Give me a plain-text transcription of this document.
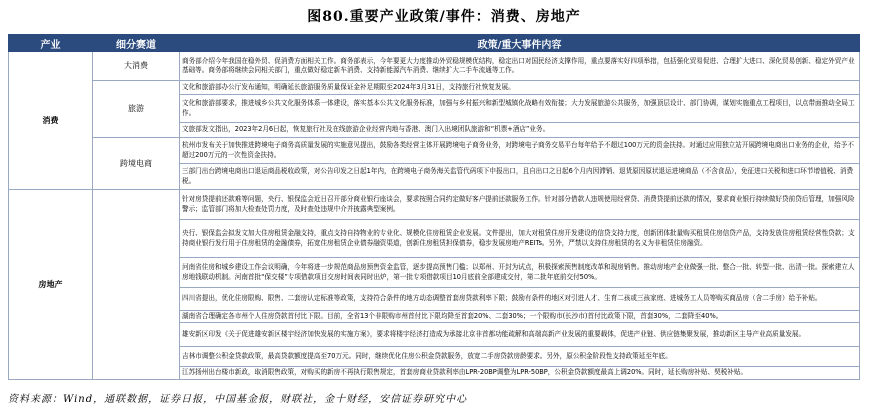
图80.重要产业政策/事件：消费、房地产
产业	细分赛道	政策/重大事件内容
消费	大消费	商务部介绍今年我国在稳外贸、促消费方面相关工作。商务部表示，今年要更大力度推动外贸稳规模优结构，稳定出口对国民经济支撑作用，重点要落实好四项举措，包括强化贸易促进、合理扩大进口、深化贸易创新、稳定外贸产业基础等。商务部将继续会同相关部门，重点做好稳定新车消费、支持新能源汽车消费、继续扩大二手车流通等工作。
	旅游	文化和旅游部办公厅发布通知，明确延长旅游服务质量保证金补足期限至2024年3月31日，支持旅行社恢复发展。
		文化和旅游部要求，推进城乡公共文化服务体系一体建设，落实基本公共文化服务标准，加强与乡村振兴和新型城镇化战略有效衔接；大力发展旅游公共服务，加强顶层设计、部门协调，谋划实施重点工程项目，以点带面推动全局工作。
		文旅部发文指出，2023年2月6日起，恢复旅行社及在线旅游企业经营内地与香港、澳门入出境团队旅游和“机票+酒店”业务。
	跨境电商	杭州市发布关于加快推进跨境电子商务高质量发展的实施意见提出，鼓励各类经营主体开展跨境电子商务业务，对跨境电子商务交易平台每年给予不超过100万元的资金扶持。对通过应用独立站开展跨境电商出口业务的企业，给予不超过200万元的一次性资金扶持。
		三部门出台跨境电商出口退运商品税收政策，对公告印发之日起1年内，在跨境电子商务海关监管代码项下申报出口，且自出口之日起6个月内因滞销、退货原因原状退运进境商品（不含食品），免征进口关税和进口环节增值税、消费税。
房地产		针对房贷提前还款难等问题，央行、银保监会近日召开部分商业银行座谈会，要求按照合同约定做好客户提前还款服务工作。针对部分借款人违规使用经营贷、消费贷提前还款的情况，要求商业银行持续做好贷前贷后管理，加强风险警示；监管部门将加大检查处罚力度，及时查处违规中介并披露典型案例。
		央行、银保监会拟发文加大住房租赁金融支持，重点支持自持物业的专业化、规模化住房租赁企业发展。文件提出，加大对租赁住房开发建设的信贷支持力度，创新团体批量购买租赁住房信贷产品，支持发放住房租赁经营性贷款；支持商业银行发行用于住房租赁的金融债券，拓宽住房租赁企业债券融资渠道，创新住房租赁担保债券，稳步发展房地产REITs。另外，严禁以支持住房租赁的名义为非租赁住房融资。
		河南省住房和城乡建设工作会议明确，今年将进一步规范商品房预售资金监管，逐步提高预售门槛；以郑州、开封为试点，积极探索预售制度改革和现房销售。推动房地产企业做强一批、整合一批、转型一批、出清一批。探索建立人房地钱联动机制。河南首批“保交楼”专项借款项目交房时间表同时出炉，第一批专项借款项目10月底前全部建成交付，第二批年底前交付50%。
		四川省提出，优化住房限购、限售、二套房认定标准等政策，支持符合条件的地方动态调整首套房贷款利率下限；鼓励有条件的地区对引进人才、生育二孩或三孩家庭、进城务工人员等购买商品房（含二手房）给予补贴。
		湖南省合理确定各市州个人住房贷款首付比下限。目前，全省13个非限购市州首付比下限均降至首套20%、二套30%；一个限购市(长沙市)首付比政策下限，首套30%，二套降至40%。
		雄安新区印发《关于促进雄安新区楼宇经济加快发展的实施方案》，要求将楼宇经济打造成为承接北京非首都功能疏解和高端高新产业发展的重要载体，促进产业链、供应链集聚发展，推动新区主导产业高质量发展。
		吉林市调整公积金贷款政策，最高贷款额度提高至70万元。同时，继续优化住房公积金贷款服务，放宽二手房贷款房龄要求。另外，原公积金阶段性支持政策延至年底。
		江苏扬州出台楼市新政，取消限售政策，对购买的新房不再执行限售规定，首套房商业贷款利率由LPR-20BP调整为LPR-50BP，公积金贷款额度最高上调20%。同时，延长购房补贴、契税补贴。
资料来源：Wind，通联数据，证券日报，中国基金报，财联社，金十财经，安信证券研究中心
